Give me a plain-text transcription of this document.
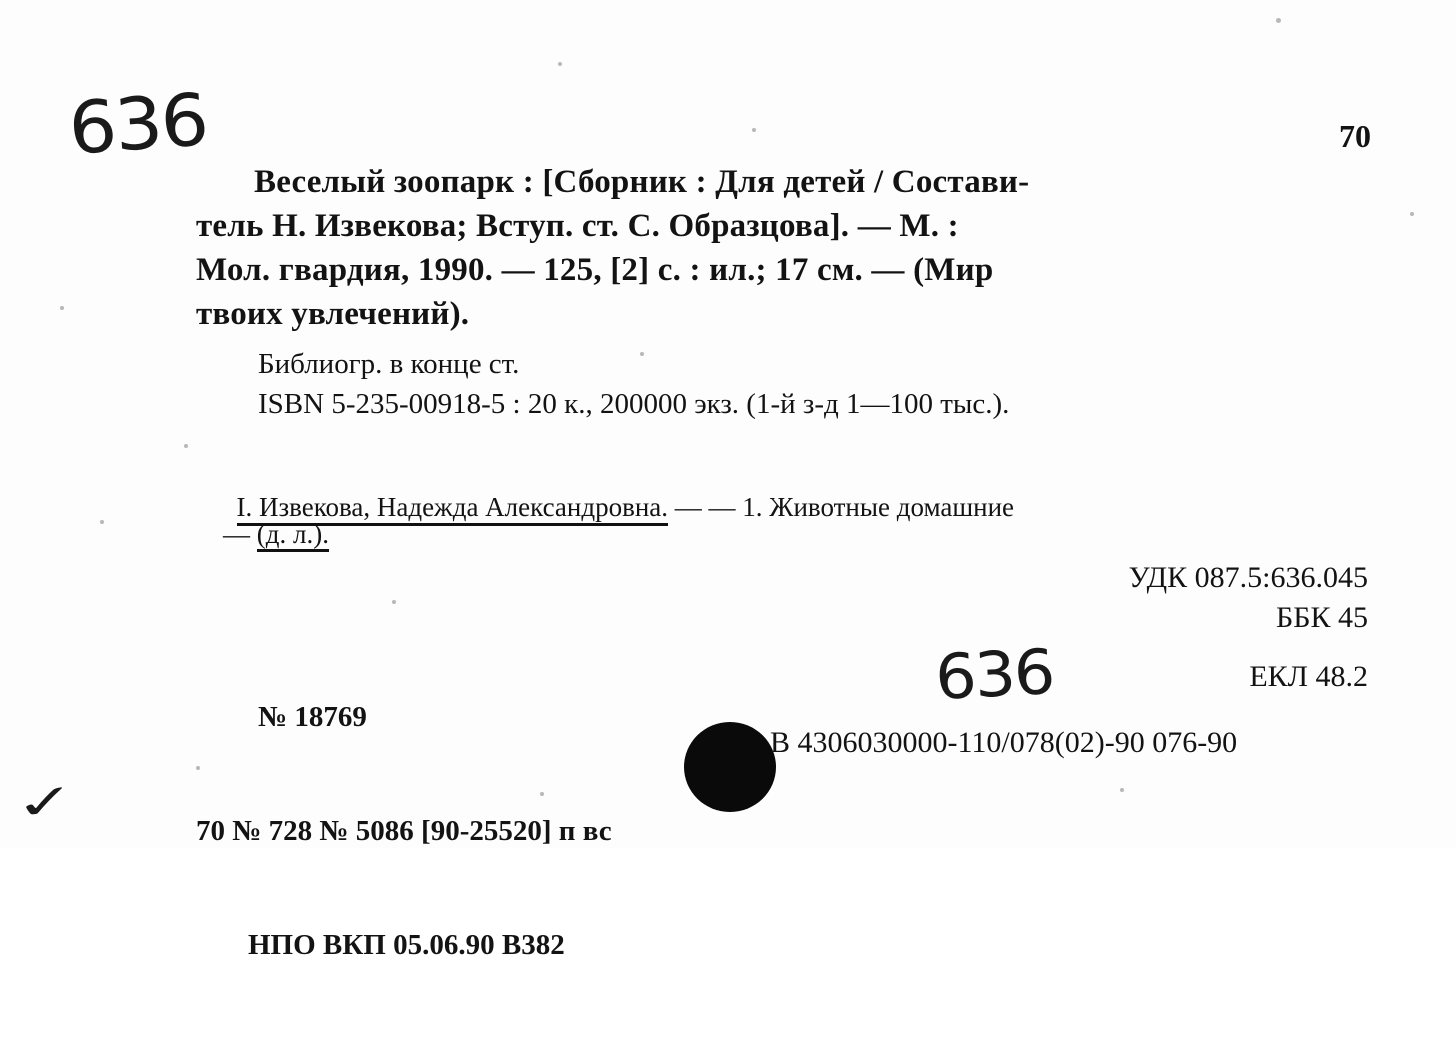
636	70
Веселый зоопарк : [Сборник : Для детей / Состави-
тель Н. Извекова; Вступ. ст. С. Образцова]. — М. :
Мол. гвардия, 1990. — 125, [2] с. : ил.; 17 см. — (Мир
твоих увлечений).
Библиогр. в конце ст.
ISBN 5-235-00918-5 : 20 к., 200000 экз. (1-й з-д 1—100 тыс.).

I. Извекова, Надежда Александровна. — — 1. Животные домашние

— (д. л.).

УДК 087.5:636.045
ББК 45

№ 18769

70 № 728 № 5086 [90-25520] п вс

НПО ВКП 05.06.90 В382

636	ЕКЛ 48.2
В 4306030000-110/078(02)-90 076-90
✓
